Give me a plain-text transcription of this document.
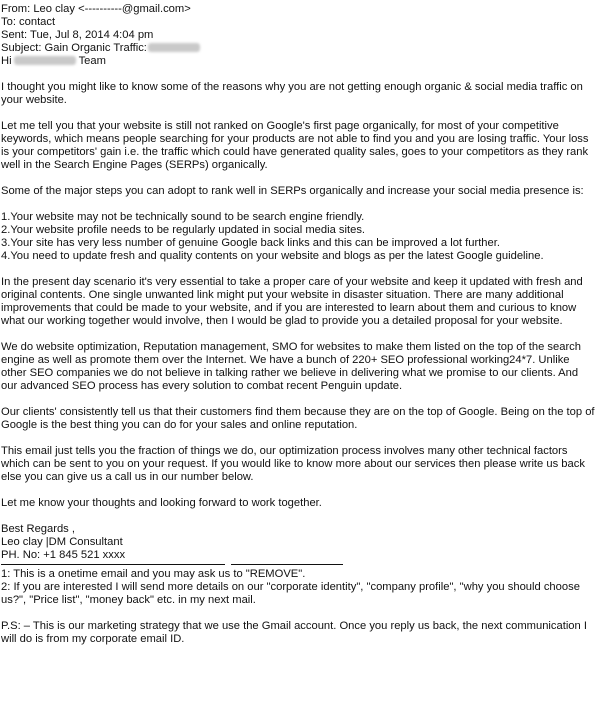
From: Leo clay <----------@gmail.com>
To: contact
Sent: Tue, Jul 8, 2014 4:04 pm
Subject: Gain Organic Traffic:
Hi	Team

I thought you might like to know some of the reasons why you are not getting enough organic & social media traffic on your website.

Let me tell you that your website is still not ranked on Google's first page organically, for most of your competitive keywords, which means people searching for your products are not able to find you and you are losing traffic. Your loss is your competitors' gain i.e. the traffic which could have generated quality sales, goes to your competitors as they rank well in the Search Engine Pages (SERPs) organically.

Some of the major steps you can adopt to rank well in SERPs organically and increase your social media presence is:

1.Your website may not be technically sound to be search engine friendly.
2.Your website profile needs to be regularly updated in social media sites.
3.Your site has very less number of genuine Google back links and this can be improved a lot further.
4.You need to update fresh and quality contents on your website and blogs as per the latest Google guideline.

In the present day scenario it's very essential to take a proper care of your website and keep it updated with fresh and original contents. One single unwanted link might put your website in disaster situation. There are many additional improvements that could be made to your website, and if you are interested to learn about them and curious to know what our working together would involve, then I would be glad to provide you a detailed proposal for your website.

We do website optimization, Reputation management, SMO for websites to make them listed on the top of the search engine as well as promote them over the Internet. We have a bunch of 220+ SEO professional working24*7. Unlike other SEO companies we do not believe in talking rather we believe in delivering what we promise to our clients. And our advanced SEO process has every solution to combat recent Penguin update.

Our clients' consistently tell us that their customers find them because they are on the top of Google. Being on the top of Google is the best thing you can do for your sales and online reputation.

This email just tells you the fraction of things we do, our optimization process involves many other technical factors which can be sent to you on your request. If you would like to know more about our services then please write us back else you can give us a call us in our number below.

Let me know your thoughts and looking forward to work together.

Best Regards ,
Leo clay |DM Consultant
PH. No: +1 845 521 xxxx
1: This is a onetime email and you may ask us to "REMOVE".
2: If you are interested I will send more details on our "corporate identity", "company profile", "why you should choose us?", "Price list", "money back" etc. in my next mail.

P.S: – This is our marketing strategy that we use the Gmail account. Once you reply us back, the next communication I will do is from my corporate email ID.
